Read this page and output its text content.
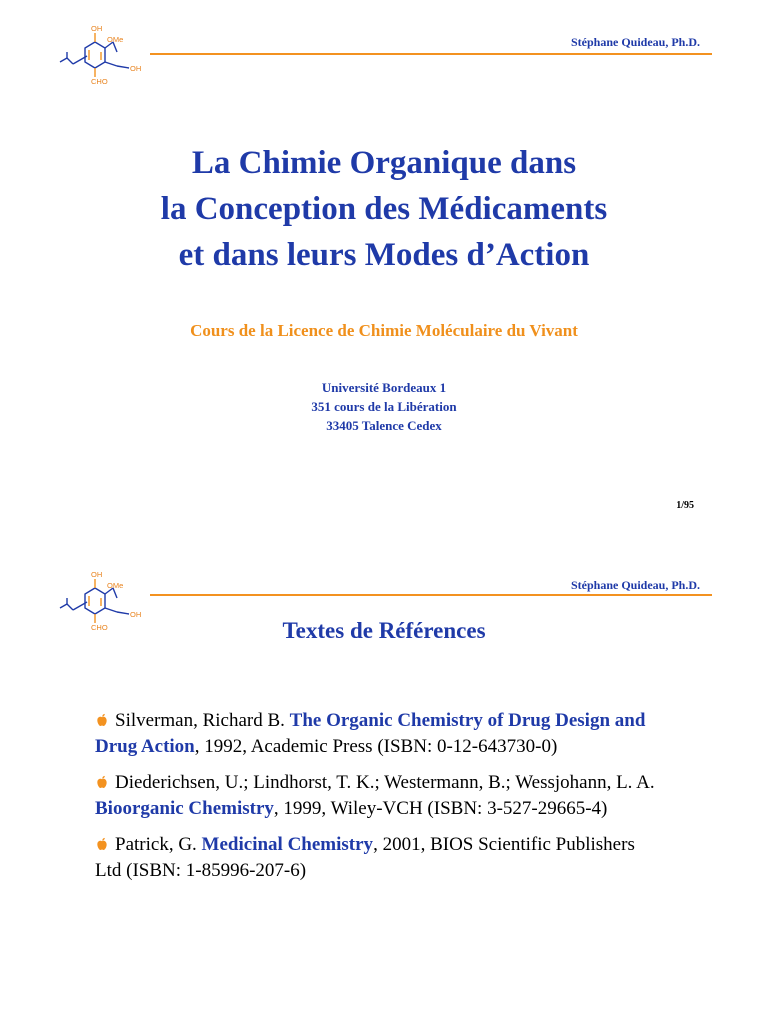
OH
OMe
OH
CHO
Stéphane Quideau, Ph.D.
La Chimie Organique dans
la Conception des Médicaments
et dans leurs Modes d’Action
Cours de la Licence de Chimie Moléculaire du Vivant
Université Bordeaux 1
351 cours de la Libération
33405 Talence Cedex
1/95
OH
OMe
OH
CHO
Stéphane Quideau, Ph.D.
Textes de Références
Silverman, Richard B. The Organic Chemistry of Drug Design and Drug Action, 1992, Academic Press (ISBN: 0-12-643730-0)
Diederichsen, U.; Lindhorst, T. K.; Westermann, B.; Wessjohann, L. A. Bioorganic Chemistry, 1999, Wiley-VCH (ISBN: 3-527-29665-4)
Patrick, G. Medicinal Chemistry, 2001, BIOS Scientific Publishers Ltd (ISBN: 1-85996-207-6)
